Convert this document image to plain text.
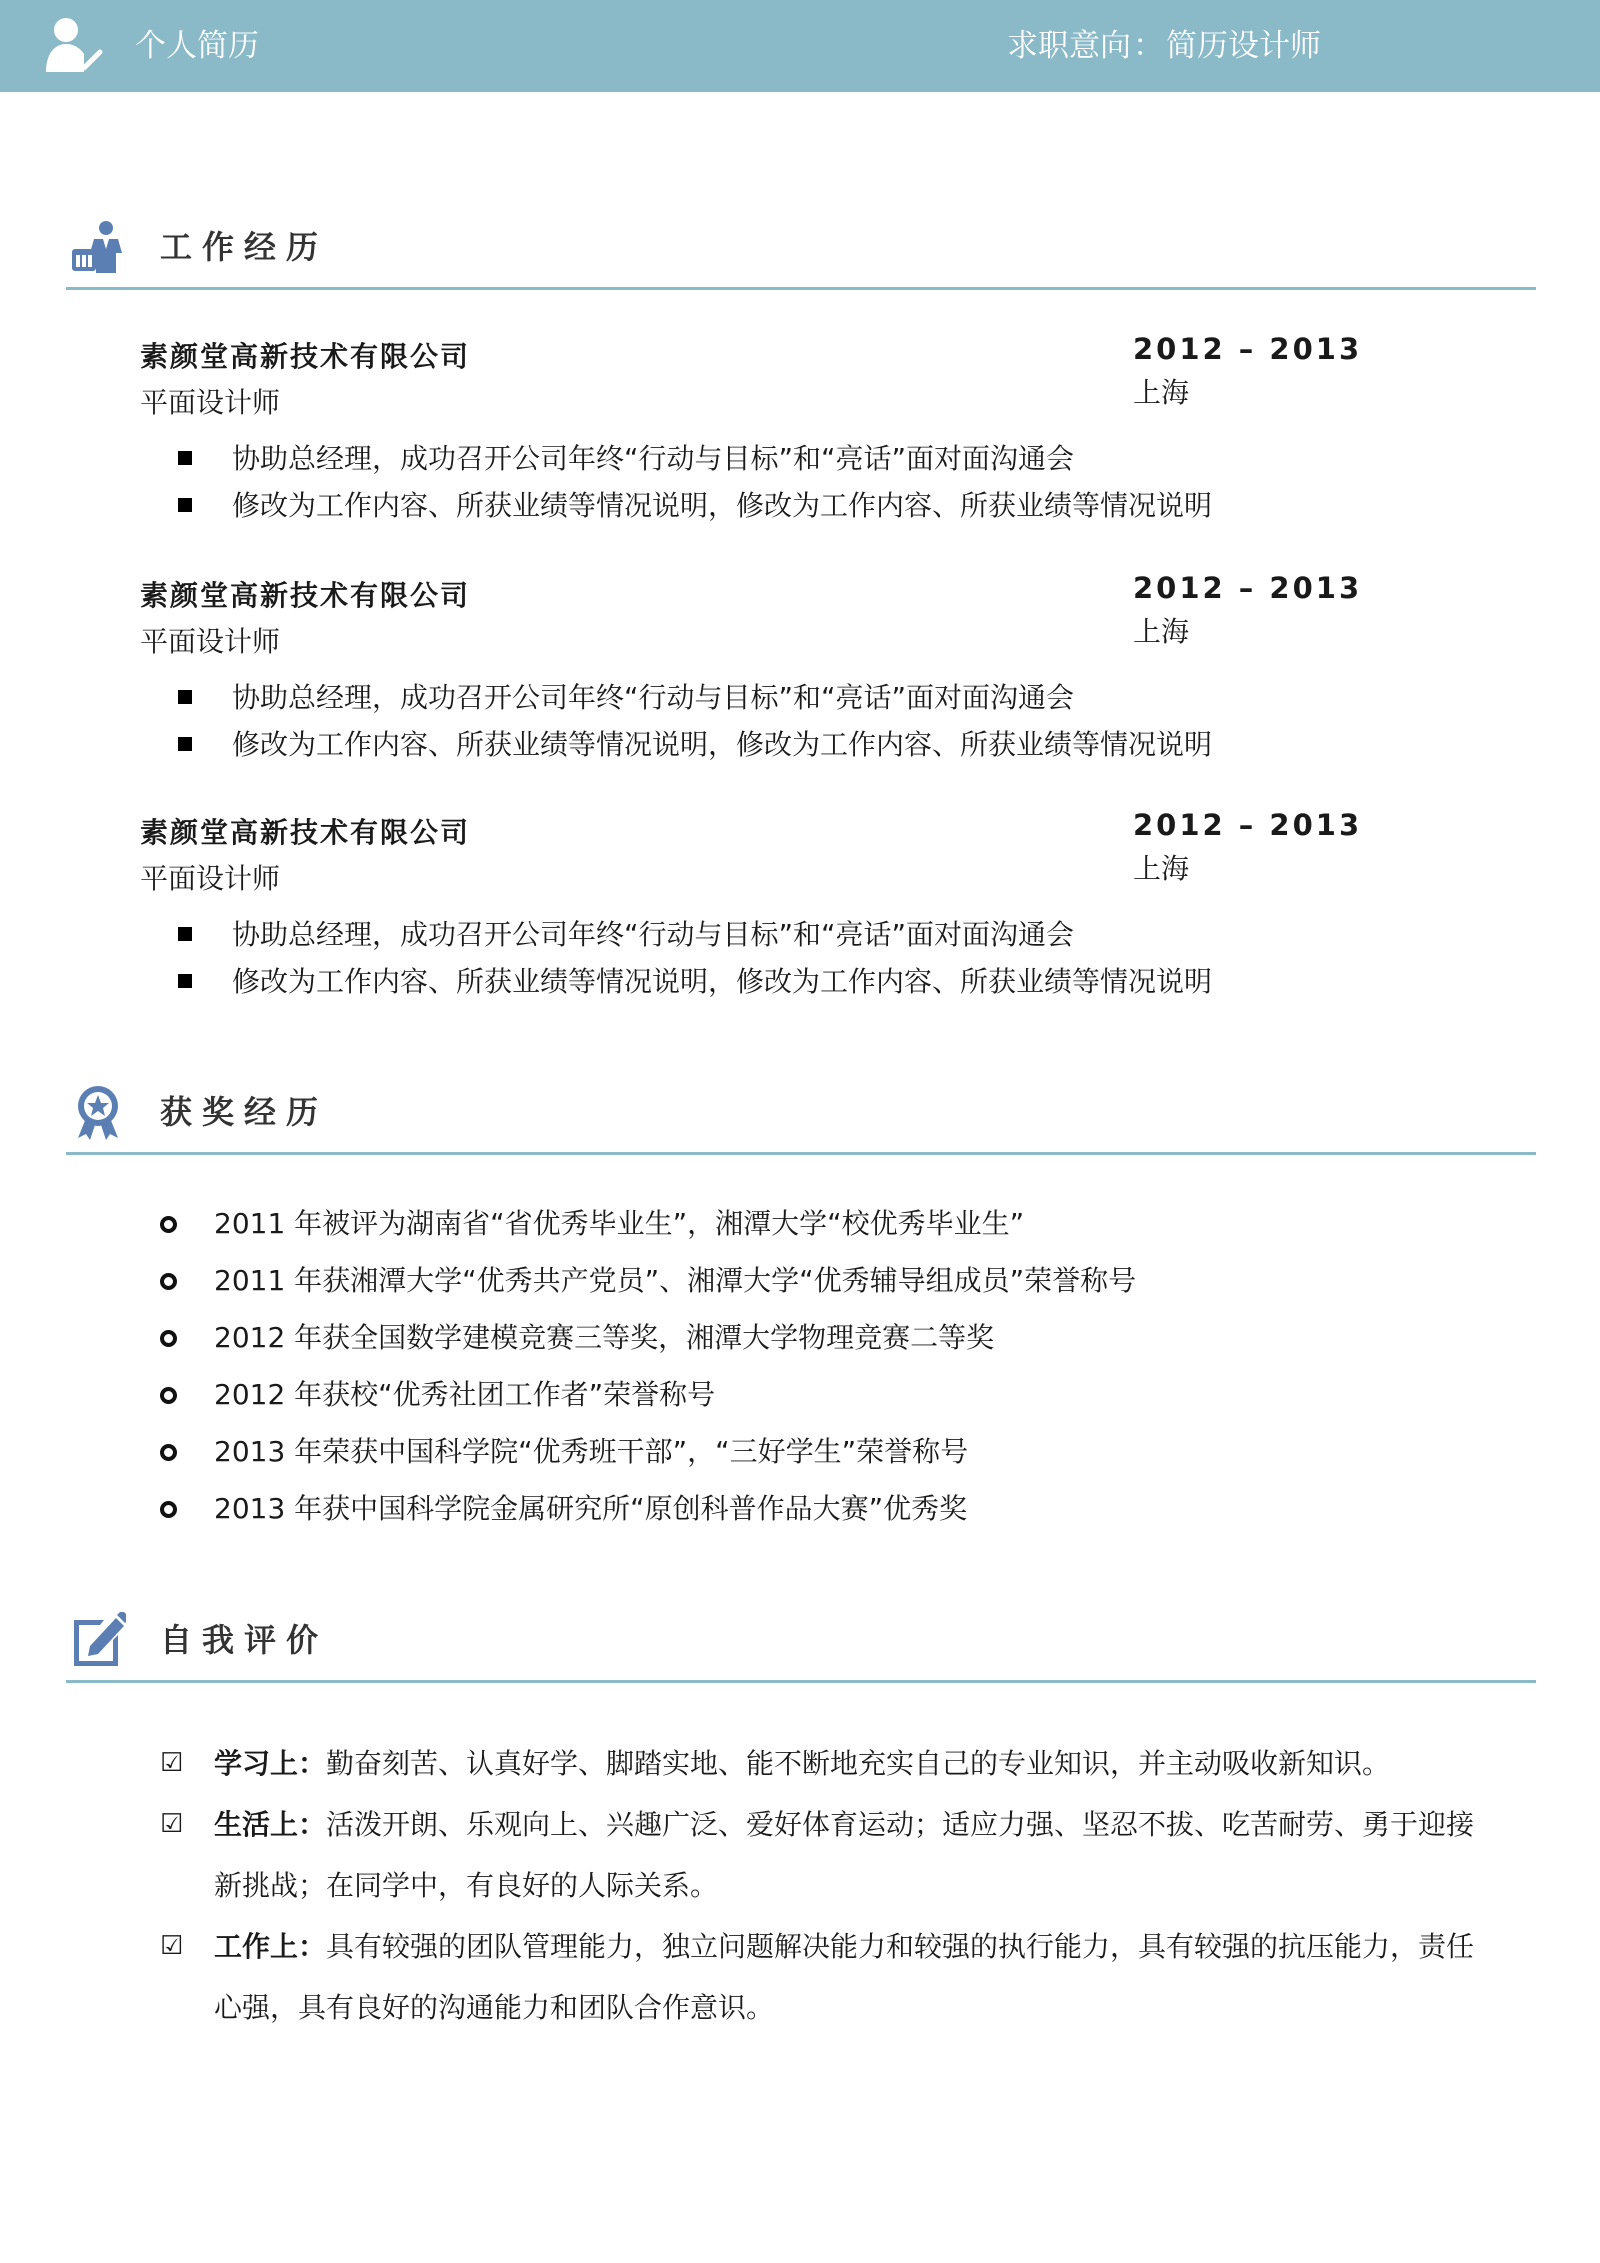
个人简历	求职意向：简历设计师
工作经历
素颜堂高新技术有限公司
平面设计师
2012 – 2013
上海
协助总经理，成功召开公司年终“行动与目标”和“亮话”面对面沟通会
修改为工作内容、所获业绩等情况说明，修改为工作内容、所获业绩等情况说明
素颜堂高新技术有限公司
平面设计师
2012 – 2013
上海
协助总经理，成功召开公司年终“行动与目标”和“亮话”面对面沟通会
修改为工作内容、所获业绩等情况说明，修改为工作内容、所获业绩等情况说明
素颜堂高新技术有限公司
平面设计师
2012 – 2013
上海
协助总经理，成功召开公司年终“行动与目标”和“亮话”面对面沟通会
修改为工作内容、所获业绩等情况说明，修改为工作内容、所获业绩等情况说明
获奖经历
2011 年被评为湖南省“省优秀毕业生”，湘潭大学“校优秀毕业生”
2011 年获湘潭大学“优秀共产党员”、湘潭大学“优秀辅导组成员”荣誉称号
2012 年获全国数学建模竞赛三等奖，湘潭大学物理竞赛二等奖
2012 年获校“优秀社团工作者”荣誉称号
2013 年荣获中国科学院“优秀班干部”，“三好学生”荣誉称号
2013 年获中国科学院金属研究所“原创科普作品大赛”优秀奖
自我评价
☑ 学习上：勤奋刻苦、认真好学、脚踏实地、能不断地充实自己的专业知识，并主动吸收新知识。
☑ 生活上：活泼开朗、乐观向上、兴趣广泛、爱好体育运动；适应力强、坚忍不拔、吃苦耐劳、勇于迎接新挑战；在同学中，有良好的人际关系。
☑ 工作上：具有较强的团队管理能力，独立问题解决能力和较强的执行能力，具有较强的抗压能力，责任心强，具有良好的沟通能力和团队合作意识。
